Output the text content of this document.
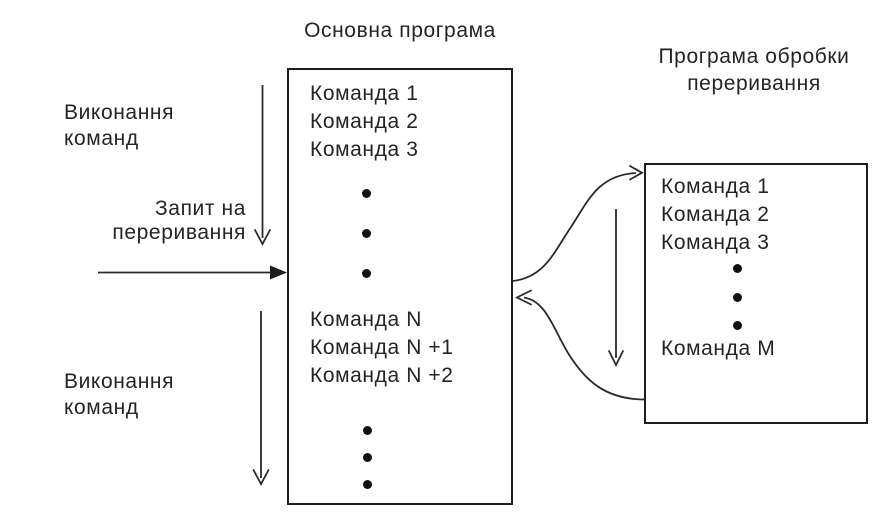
Основна програма
Програма обробки
переривання
Виконання
команд
Запит на
переривання
Виконання
команд
Команда 1
Команда 2
Команда 3
Команда N
Команда N +1
Команда N +2
Команда 1
Команда 2
Команда 3
Команда М
